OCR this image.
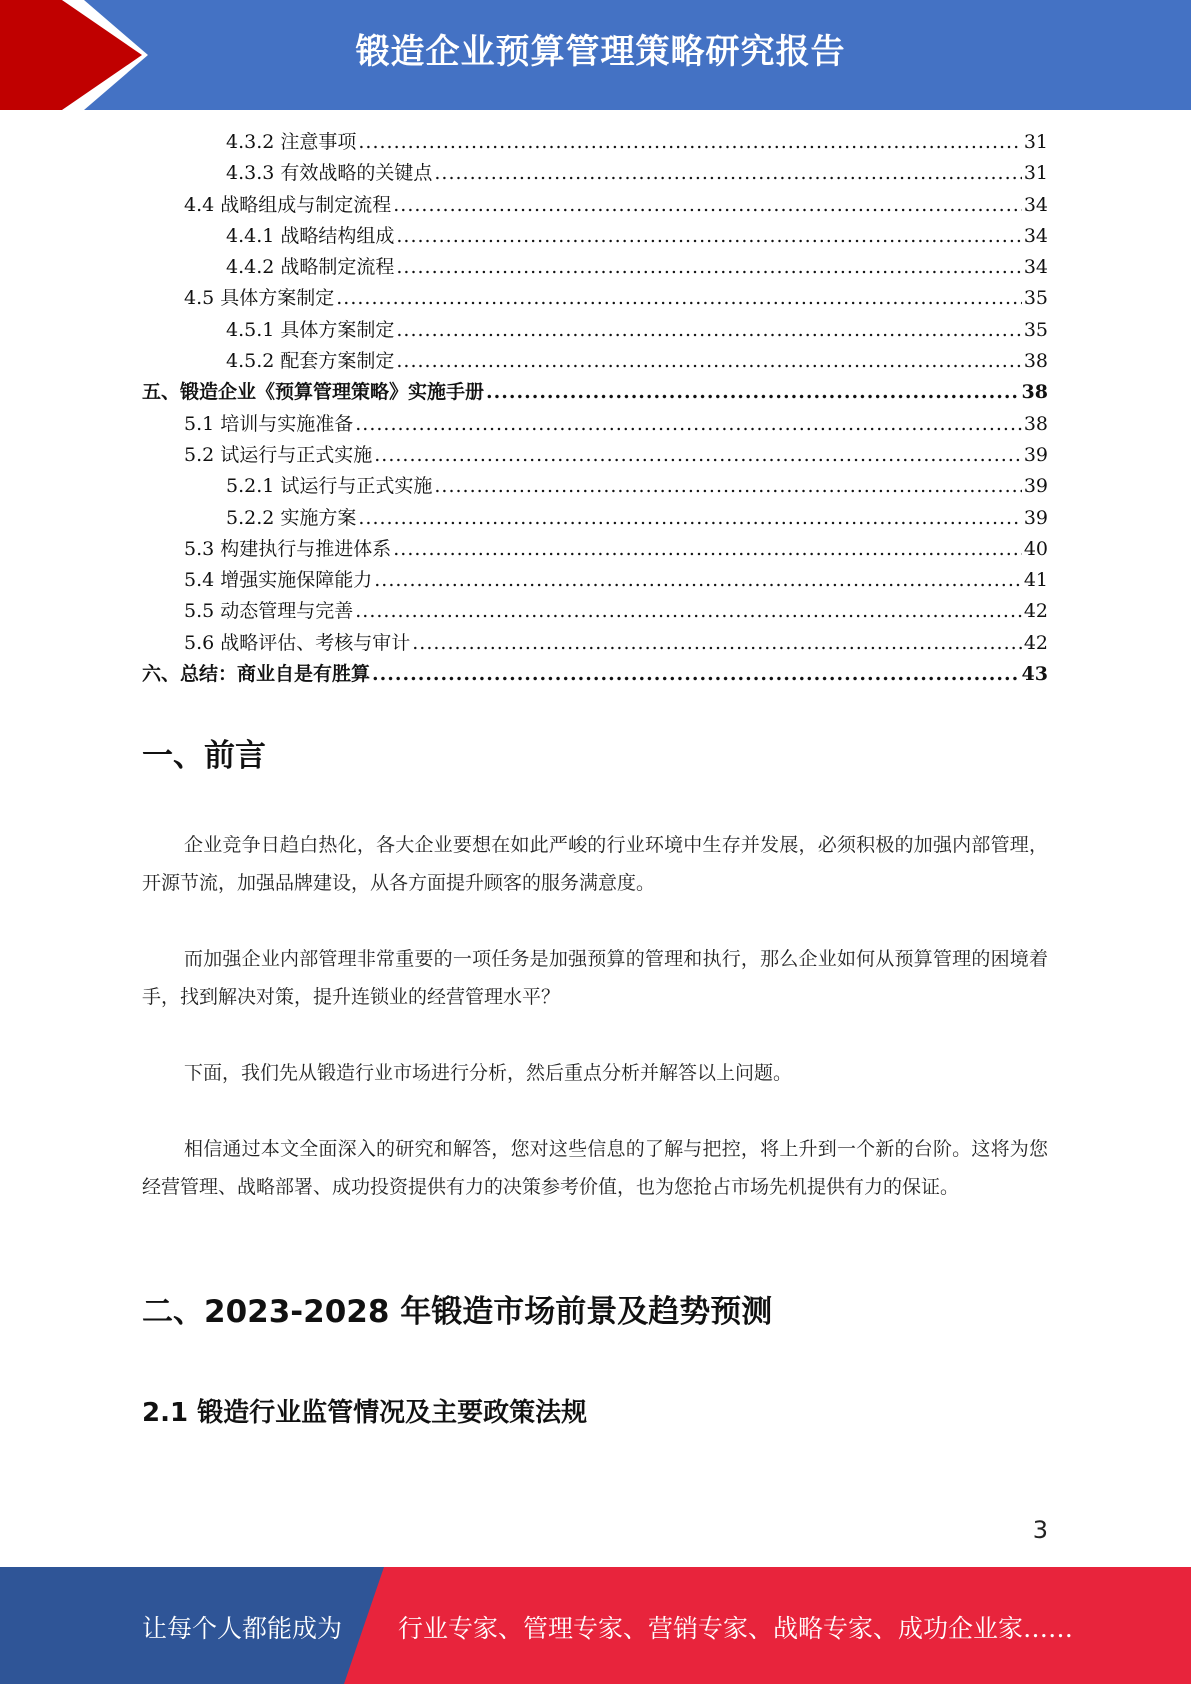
锻造企业预算管理策略研究报告
4.3.2 注意事项 .....	31
4.3.3 有效战略的关键点 .....	31
4.4 战略组成与制定流程 .....	34
4.4.1 战略结构组成 .....	34
4.4.2 战略制定流程 .....	34
4.5 具体方案制定 .....	35
4.5.1 具体方案制定 .....	35
4.5.2 配套方案制定 .....	38
五、锻造企业《预算管理策略》实施手册 .....	38
5.1 培训与实施准备 .....	38
5.2 试运行与正式实施 .....	39
5.2.1 试运行与正式实施 .....	39
5.2.2 实施方案 .....	39
5.3 构建执行与推进体系 .....	40
5.4 增强实施保障能力 .....	41
5.5 动态管理与完善 .....	42
5.6 战略评估、考核与审计 .....	42
六、总结：商业自是有胜算 .....	43
一、前言

企业竞争日趋白热化，各大企业要想在如此严峻的行业环境中生存并发展，必须积极的加强内部管理，开源节流，加强品牌建设，从各方面提升顾客的服务满意度。

而加强企业内部管理非常重要的一项任务是加强预算的管理和执行，那么企业如何从预算管理的困境着手，找到解决对策，提升连锁业的经营管理水平？

下面，我们先从锻造行业市场进行分析，然后重点分析并解答以上问题。

相信通过本文全面深入的研究和解答，您对这些信息的了解与把控，将上升到一个新的台阶。这将为您经营管理、战略部署、成功投资提供有力的决策参考价值，也为您抢占市场先机提供有力的保证。

二、2023-2028 年锻造市场前景及趋势预测
2.1 锻造行业监管情况及主要政策法规
3
让每个人都能成为 行业专家、管理专家、营销专家、战略专家、成功企业家……
